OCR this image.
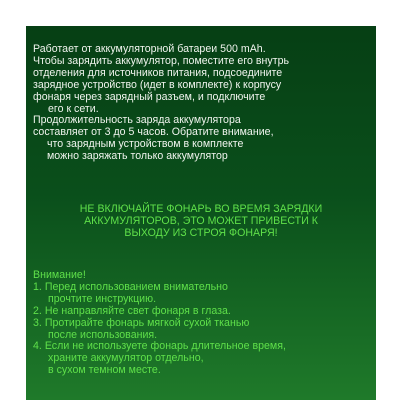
Работает от аккумуляторной батареи 500 mAh.
Чтобы зарядить аккумулятор, поместите его внутрь
отделения для источников питания, подсоедините
зарядное устройство (идет в комплекте) к корпусу
фонаря через зарядный разъем, и подключите
его к сети.
Продолжительность заряда аккумулятора
составляет от 3 до 5 часов. Обратите внимание,
что зарядным устройством в комплекте
можно заряжать только аккумулятор
НЕ ВКЛЮЧАЙТЕ ФОНАРЬ ВО ВРЕМЯ ЗАРЯДКИ
АККУМУЛЯТОРОВ, ЭТО МОЖЕТ ПРИВЕСТИ К
ВЫХОДУ ИЗ СТРОЯ ФОНАРЯ!
Внимание!
1. Перед использованием внимательно
прочтите инструкцию.
2. Не направляйте свет фонаря в глаза.
3. Протирайте фонарь мягкой сухой тканью
после использования.
4. Если не используете фонарь длительное время,
храните аккумулятор отдельно,
в сухом темном месте.
